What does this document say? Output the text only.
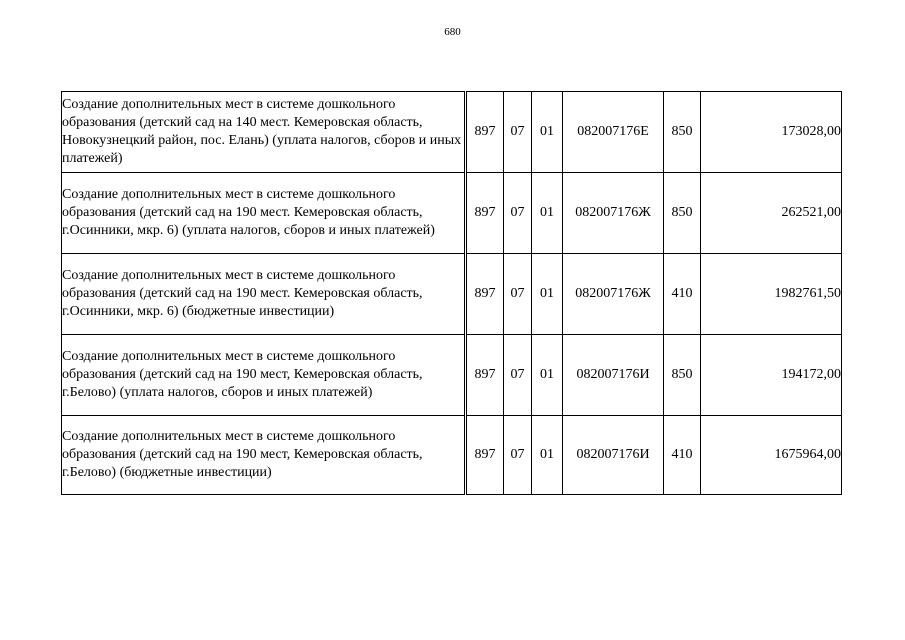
680
Создание дополнительных мест в системе дошкольного образования (детский сад на 140 мест. Кемеровская область, Новокузнецкий район, пос. Елань) (уплата налогов, сборов и иных платежей)	897	07	01	082007176Е	850	173028,00
Создание дополнительных мест в системе дошкольного образования (детский сад на 190 мест. Кемеровская область, г.Осинники, мкр. 6) (уплата налогов, сборов и иных платежей)	897	07	01	082007176Ж	850	262521,00
Создание дополнительных мест в системе дошкольного образования (детский сад на 190 мест. Кемеровская область, г.Осинники, мкр. 6) (бюджетные инвестиции)	897	07	01	082007176Ж	410	1982761,50
Создание дополнительных мест в системе дошкольного образования (детский сад на 190 мест, Кемеровская область, г.Белово) (уплата налогов, сборов и иных платежей)	897	07	01	082007176И	850	194172,00
Создание дополнительных мест в системе дошкольного образования (детский сад на 190 мест, Кемеровская область, г.Белово) (бюджетные инвестиции)	897	07	01	082007176И	410	1675964,00
